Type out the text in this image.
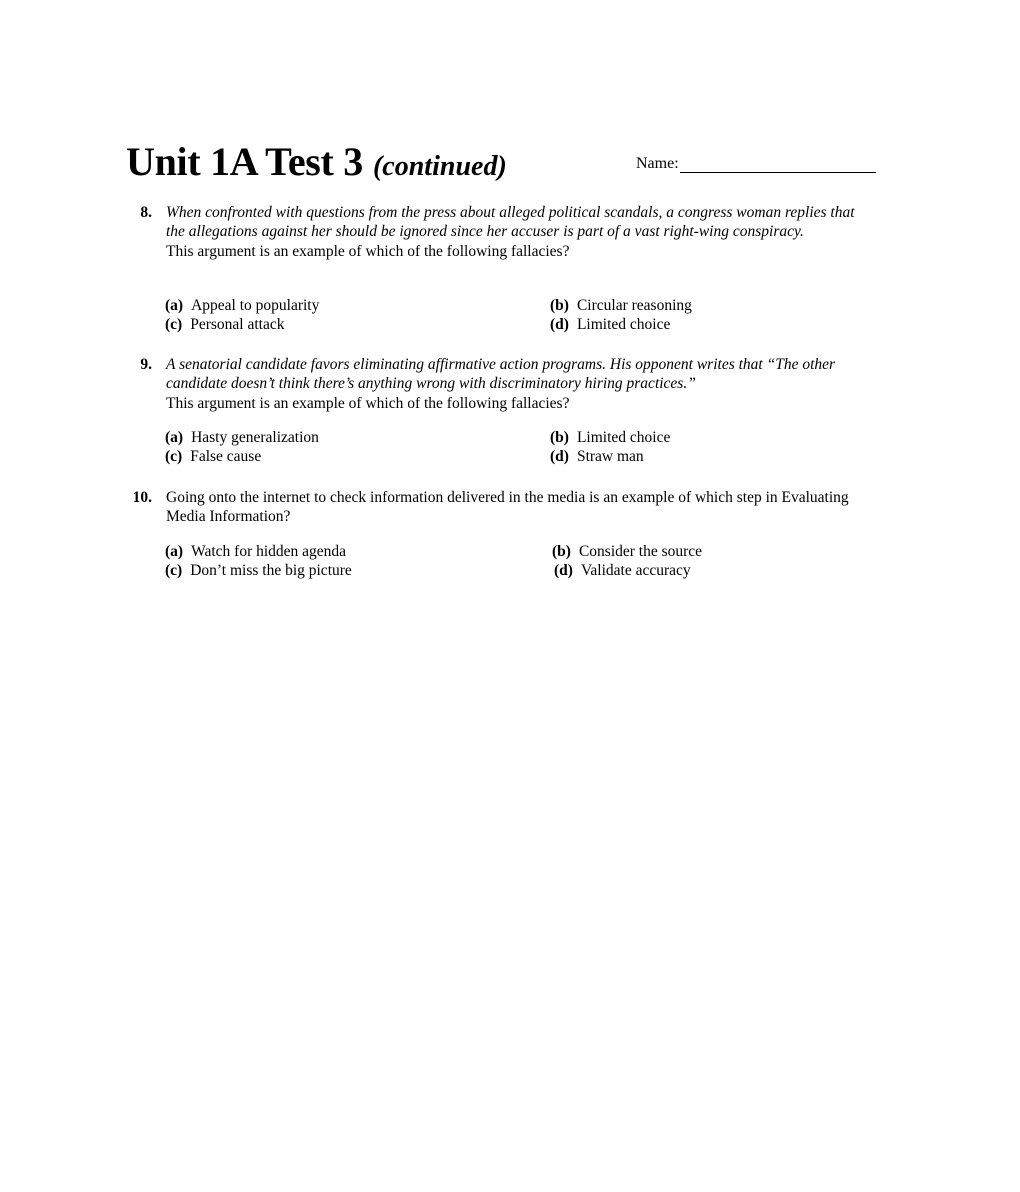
Unit 1A Test 3 (continued)	Name:
8. When confronted with questions from the press about alleged political scandals, a congress woman replies that the allegations against her should be ignored since her accuser is part of a vast right-wing conspiracy.
This argument is an example of which of the following fallacies?
(a) Appeal to popularity	(b) Circular reasoning
(c) Personal attack	(d) Limited choice
9. A senatorial candidate favors eliminating affirmative action programs. His opponent writes that “The other candidate doesn’t think there’s anything wrong with discriminatory hiring practices.”
This argument is an example of which of the following fallacies?
(a) Hasty generalization	(b) Limited choice
(c) False cause	(d) Straw man
10. Going onto the internet to check information delivered in the media is an example of which step in Evaluating Media Information?
(a) Watch for hidden agenda	(b) Consider the source
(c) Don’t miss the big picture	(d) Validate accuracy
